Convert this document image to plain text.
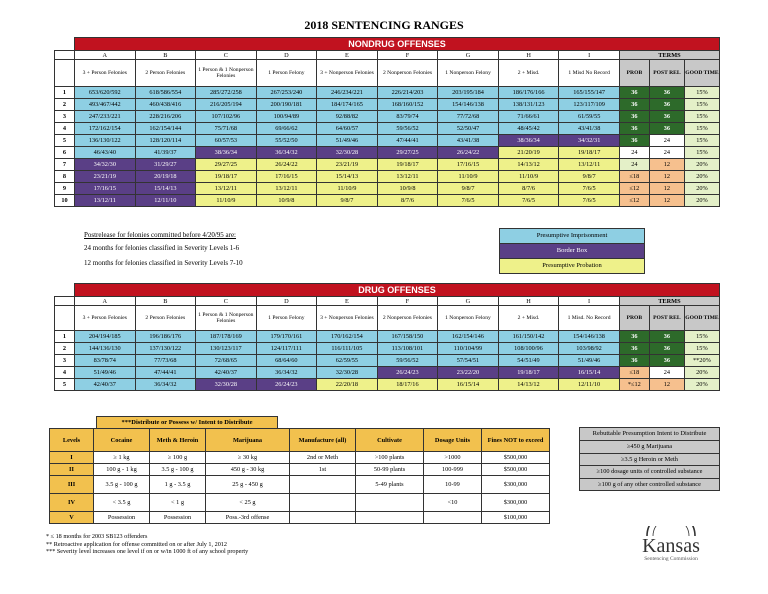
2018 SENTENCING RANGES
	NONDRUG OFFENSES											
	A	B	C	D	E	F	G	H	I	TERMS		
	3 + Person Felonies	2 Person Felonies	1 Person & 1 Nonperson Felonies	1 Person Felony	3 + Nonperson Felonies	2 Nonperson Felonies	1 Nonperson Felony	2 + Misd.	1 Misd No Record	PROB	POST REL	GOOD TIME
1	653/620/592	618/586/554	285/272/258	267/253/240	246/234/221	226/214/203	203/195/184	186/176/166	165/155/147	36	36	15%
2	493/467/442	460/438/416	216/205/194	200/190/181	184/174/165	168/160/152	154/146/138	138/131/123	123/117/109	36	36	15%
3	247/233/221	228/216/206	107/102/96	100/94/89	92/88/82	83/79/74	77/72/68	71/66/61	61/59/55	36	36	15%
4	172/162/154	162/154/144	75/71/68	69/66/62	64/60/57	59/56/52	52/50/47	48/45/42	43/41/38	36	36	15%
5	136/130/122	128/120/114	60/57/53	55/52/50	51/49/46	47/44/41	43/41/38	38/36/34	34/32/31	36	24	15%
6	46/43/40	41/39/37	38/36/34	36/34/32	32/30/28	29/27/25	26/24/22	21/20/19	19/18/17	24	24	15%
7	34/32/30	31/29/27	29/27/25	26/24/22	23/21/19	19/18/17	17/16/15	14/13/12	13/12/11	24	12	20%
8	23/21/19	20/19/18	19/18/17	17/16/15	15/14/13	13/12/11	11/10/9	11/10/9	9/8/7	≤18	12	20%
9	17/16/15	15/14/13	13/12/11	13/12/11	11/10/9	10/9/8	9/8/7	8/7/6	7/6/5	≤12	12	20%
10	13/12/11	12/11/10	11/10/9	10/9/8	9/8/7	8/7/6	7/6/5	7/6/5	7/6/5	≤12	12	20%
Postrelease for felonies committed before 4/20/95 are:
24 months for felonies classified in Severity Levels 1-6
12 months for felonies classified in Severity Levels 7-10
Presumptive Imprisonment
Border Box
Presumptive Probation
	DRUG OFFENSES											
	A	B	C	D	E	F	G	H	I	TERMS		
	3 + Person Felonies	2 Person Felonies	1 Person & 1 Nonperson Felonies	1 Person Felony	3 + Nonperson Felonies	2 Nonperson Felonies	1 Nonperson Felony	2 + Misd.	1 Misd. No Record	PROB	POST REL	GOOD TIME
1	204/194/185	196/186/176	187/178/169	179/170/161	170/162/154	167/158/150	162/154/146	161/150/142	154/146/138	36	36	15%
2	144/136/130	137/130/122	130/123/117	124/117/111	116/111/105	113/108/101	110/104/99	108/100/96	103/98/92	36	36	15%
3	83/78/74	77/73/68	72/68/65	68/64/60	62/59/55	59/56/52	57/54/51	54/51/49	51/49/46	36	36	**20%
4	51/49/46	47/44/41	42/40/37	36/34/32	32/30/28	26/24/23	23/22/20	19/18/17	16/15/14	≤18	24	20%
5	42/40/37	36/34/32	32/30/28	26/24/23	22/20/18	18/17/16	16/15/14	14/13/12	12/11/10	*≤12	12	20%
***Distribute or Possess w/ Intent to Distribute
Levels	Cocaine	Meth & Heroin	Marijuana	Manufacture (all)	Cultivate	Dosage Units	Fines NOT to exceed
I	≥ 1 kg	≥ 100 g	≥ 30 kg	2nd or Meth	>100 plants	>1000	$500,000
II	100 g - 1 kg	3.5 g - 100 g	450 g - 30 kg	1st	50-99 plants	100-999	$500,000
III	3.5 g - 100 g	1 g - 3.5 g	25 g - 450 g		5-49 plants	10-99	$300,000
IV	< 3.5 g	< 1 g	< 25 g			<10	$300,000
V	Possession	Possession	Poss.-3rd offense				$100,000
Rebuttable Presumption Intent to Distribute
≥450 g Marijuana
≥3.5 g Heroin or Meth
≥100 dosage units of controlled substance
≥100 g of any other controlled substance
* ≤ 18 months for 2003 SB123 offenders
** Retroactive application for offense committed on or after July 1, 2012
*** Severity level increases one level if on or w/in 1000 ft of any school property	Kansas
Sentencing Commission
